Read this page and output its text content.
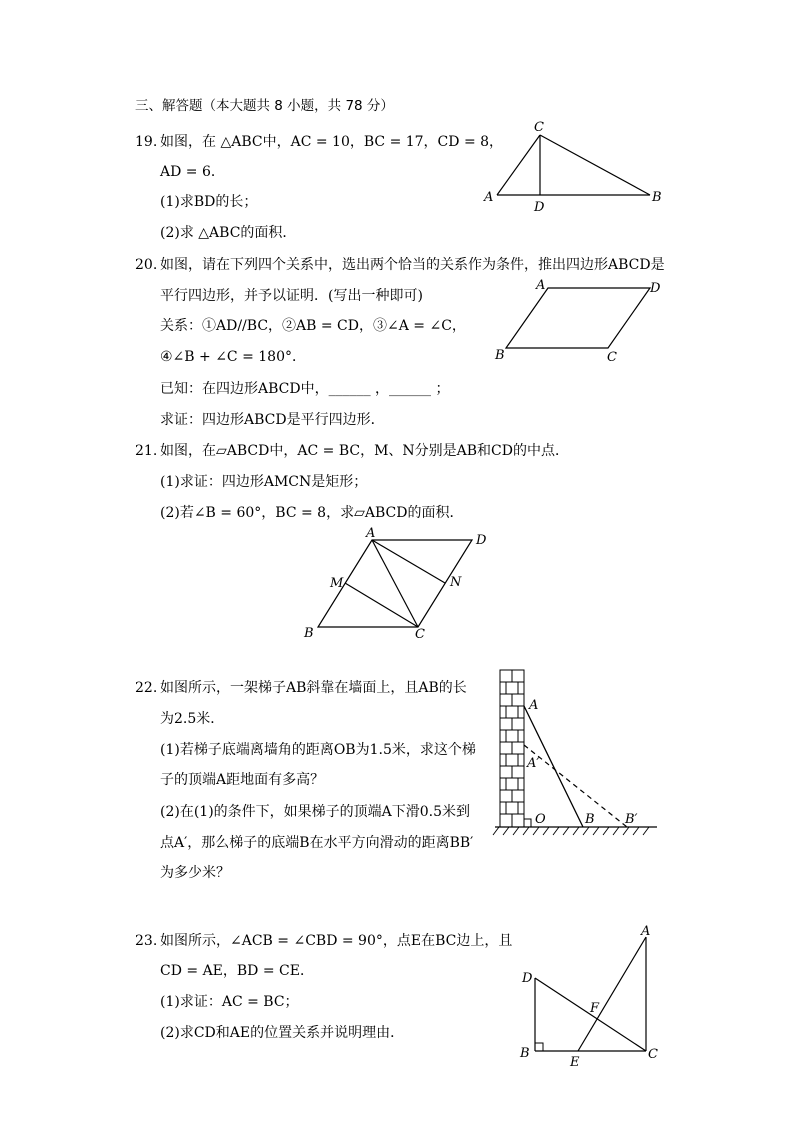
三、解答题（本大题共 8 小题，共 78 分）
19. 如图，在 △ABC中，AC = 10，BC = 17，CD = 8，
AD = 6．
(1)求BD的长；
(2)求 △ABC的面积．
C
A
D
B
20. 如图，请在下列四个关系中，选出两个恰当的关系作为条件，推出四边形ABCD是
平行四边形，并予以证明．(写出一种即可)
关系：①AD//BC，②AB = CD，③∠A = ∠C，
④∠B + ∠C = 180°．
已知：在四边形ABCD中，______ ，______ ；
求证：四边形ABCD是平行四边形．
A	D
B	C
21. 如图，在▱ABCD中，AC = BC，M、N分别是AB和CD的中点．
(1)求证：四边形AMCN是矩形；
(2)若∠B = 60°，BC = 8，求▱ABCD的面积．
A	D
M	N
B	C
22. 如图所示，一架梯子AB斜靠在墙面上，且AB的长
为2.5米．
(1)若梯子底端离墙角的距离OB为1.5米，求这个梯
子的顶端A距地面有多高？
(2)在(1)的条件下，如果梯子的顶端A下滑0.5米到
点A′，那么梯子的底端B在水平方向滑动的距离BB′
为多少米？
A
A′
O	B B′
23. 如图所示，∠ACB = ∠CBD = 90°，点E在BC边上，且
CD = AE，BD = CE．
(1)求证：AC = BC；
(2)求CD和AE的位置关系并说明理由．
D
A
F
B
E
C
